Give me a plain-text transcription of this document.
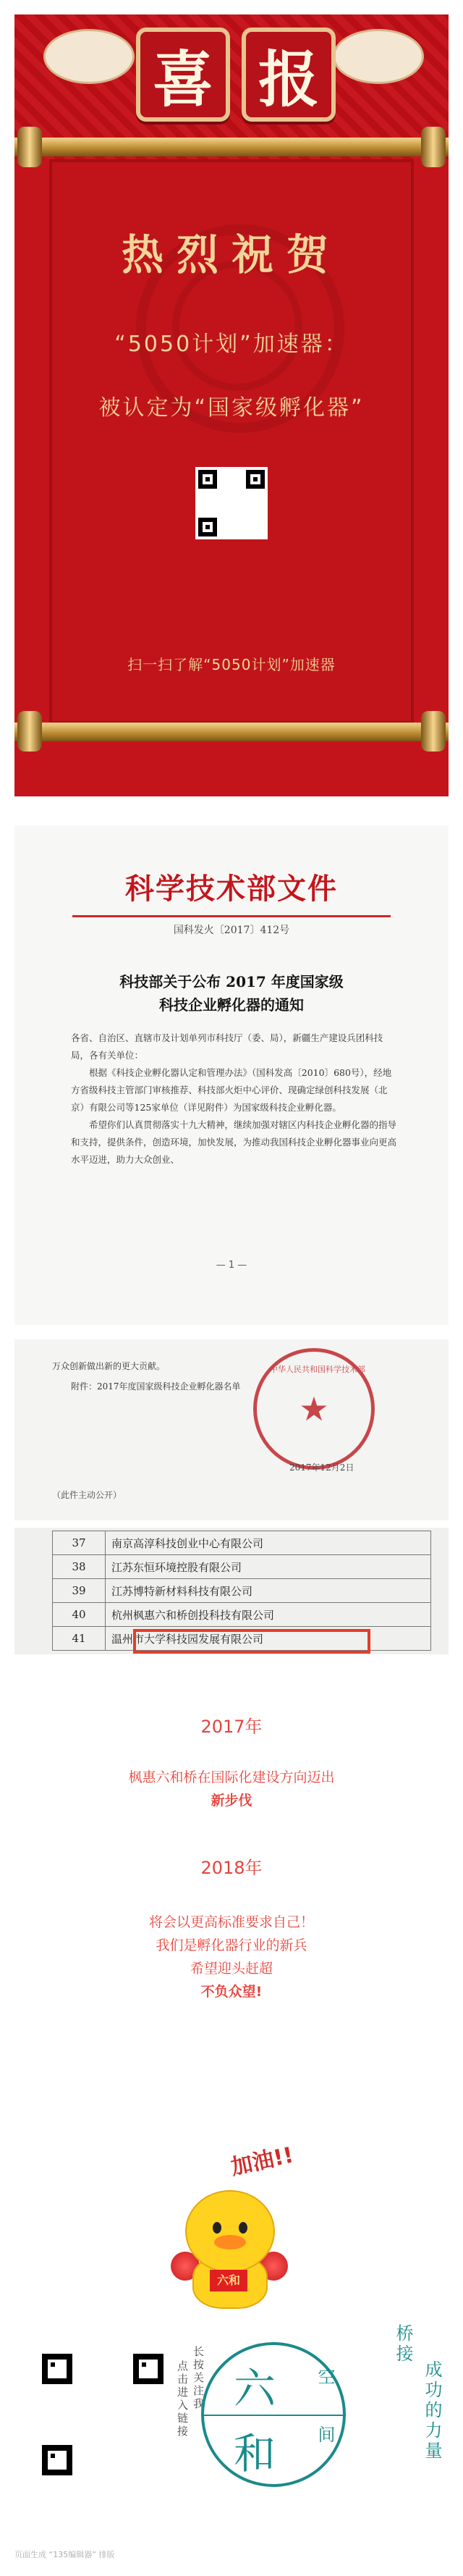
喜 报
热烈祝贺
“5050计划”加速器：
被认定为“国家级孵化器”
扫一扫了解“5050计划”加速器
科学技术部文件
国科发火〔2017〕412号
科技部关于公布 2017 年度国家级
科技企业孵化器的通知

各省、自治区、直辖市及计划单列市科技厅（委、局），新疆生产建设兵团科技局，各有关单位：

根据《科技企业孵化器认定和管理办法》（国科发高〔2010〕680号），经地方省级科技主管部门审核推荐、科技部火炬中心评价、现确定绿创科技发展（北京）有限公司等125家单位（详见附件）为国家级科技企业孵化器。

希望你们认真贯彻落实十九大精神，继续加强对辖区内科技企业孵化器的指导和支持，提供条件，创造环境，加快发展，为推动我国科技企业孵化器事业向更高水平迈进，助力大众创业、

— 1 —
万众创新做出新的更大贡献。
附件：2017年度国家级科技企业孵化器名单
中华人民共和国科学技术部
★
2017年12月2日
（此件主动公开）
37	南京高淳科技创业中心有限公司
38	江苏东恒环境控股有限公司
39	江苏博特新材料科技有限公司
40	杭州枫惠六和桥创投科技有限公司
41	温州市大学科技园发展有限公司
2017年
枫惠六和桥在国际化建设方向迈出
新步伐
2018年
将会以更高标准要求自己！
我们是孵化器行业的新兵
希望迎头赶超
不负众望!
加油!!
六和
点击进入链接 长按关注我 六
和
空
间
桥接
成功的力量
页面生成 “135编辑器” 排版
